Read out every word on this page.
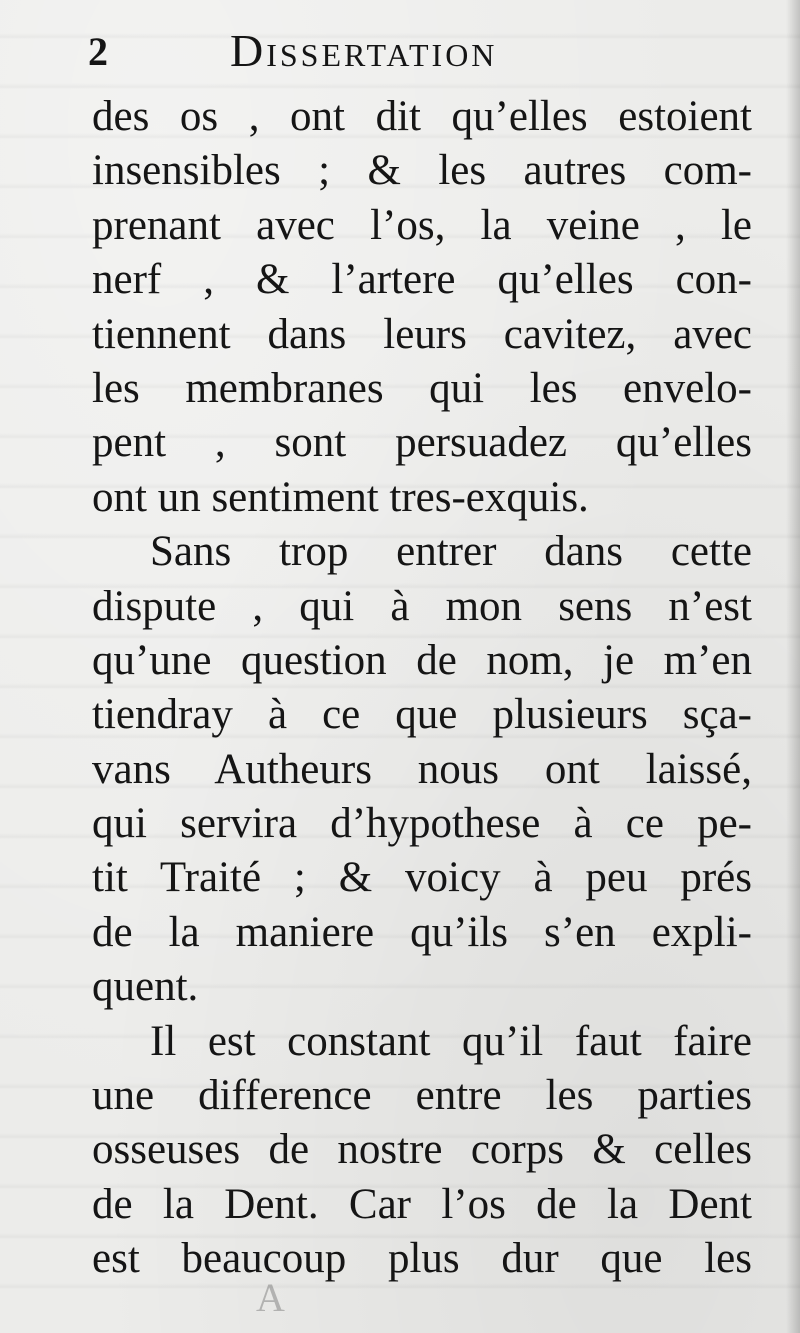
2	Dissertation
des os , ont dit qu’elles estoient
insensibles ; & les autres com-
prenant avec l’os, la veine , le
nerf , & l’artere qu’elles con-
tiennent dans leurs cavitez, avec
les membranes qui les envelo-
pent , sont persuadez qu’elles
ont un sentiment tres-exquis.
Sans trop entrer dans cette
dispute , qui à mon sens n’est
qu’une question de nom, je m’en
tiendray à ce que plusieurs sça-
vans Autheurs nous ont laissé,
qui servira d’hypothese à ce pe-
tit Traité ; & voicy à peu prés
de la maniere qu’ils s’en expli-
quent.
Il est constant qu’il faut faire
une difference entre les parties
osseuses de nostre corps & celles
de la Dent. Car l’os de la Dent
est beaucoup plus dur que les
A
